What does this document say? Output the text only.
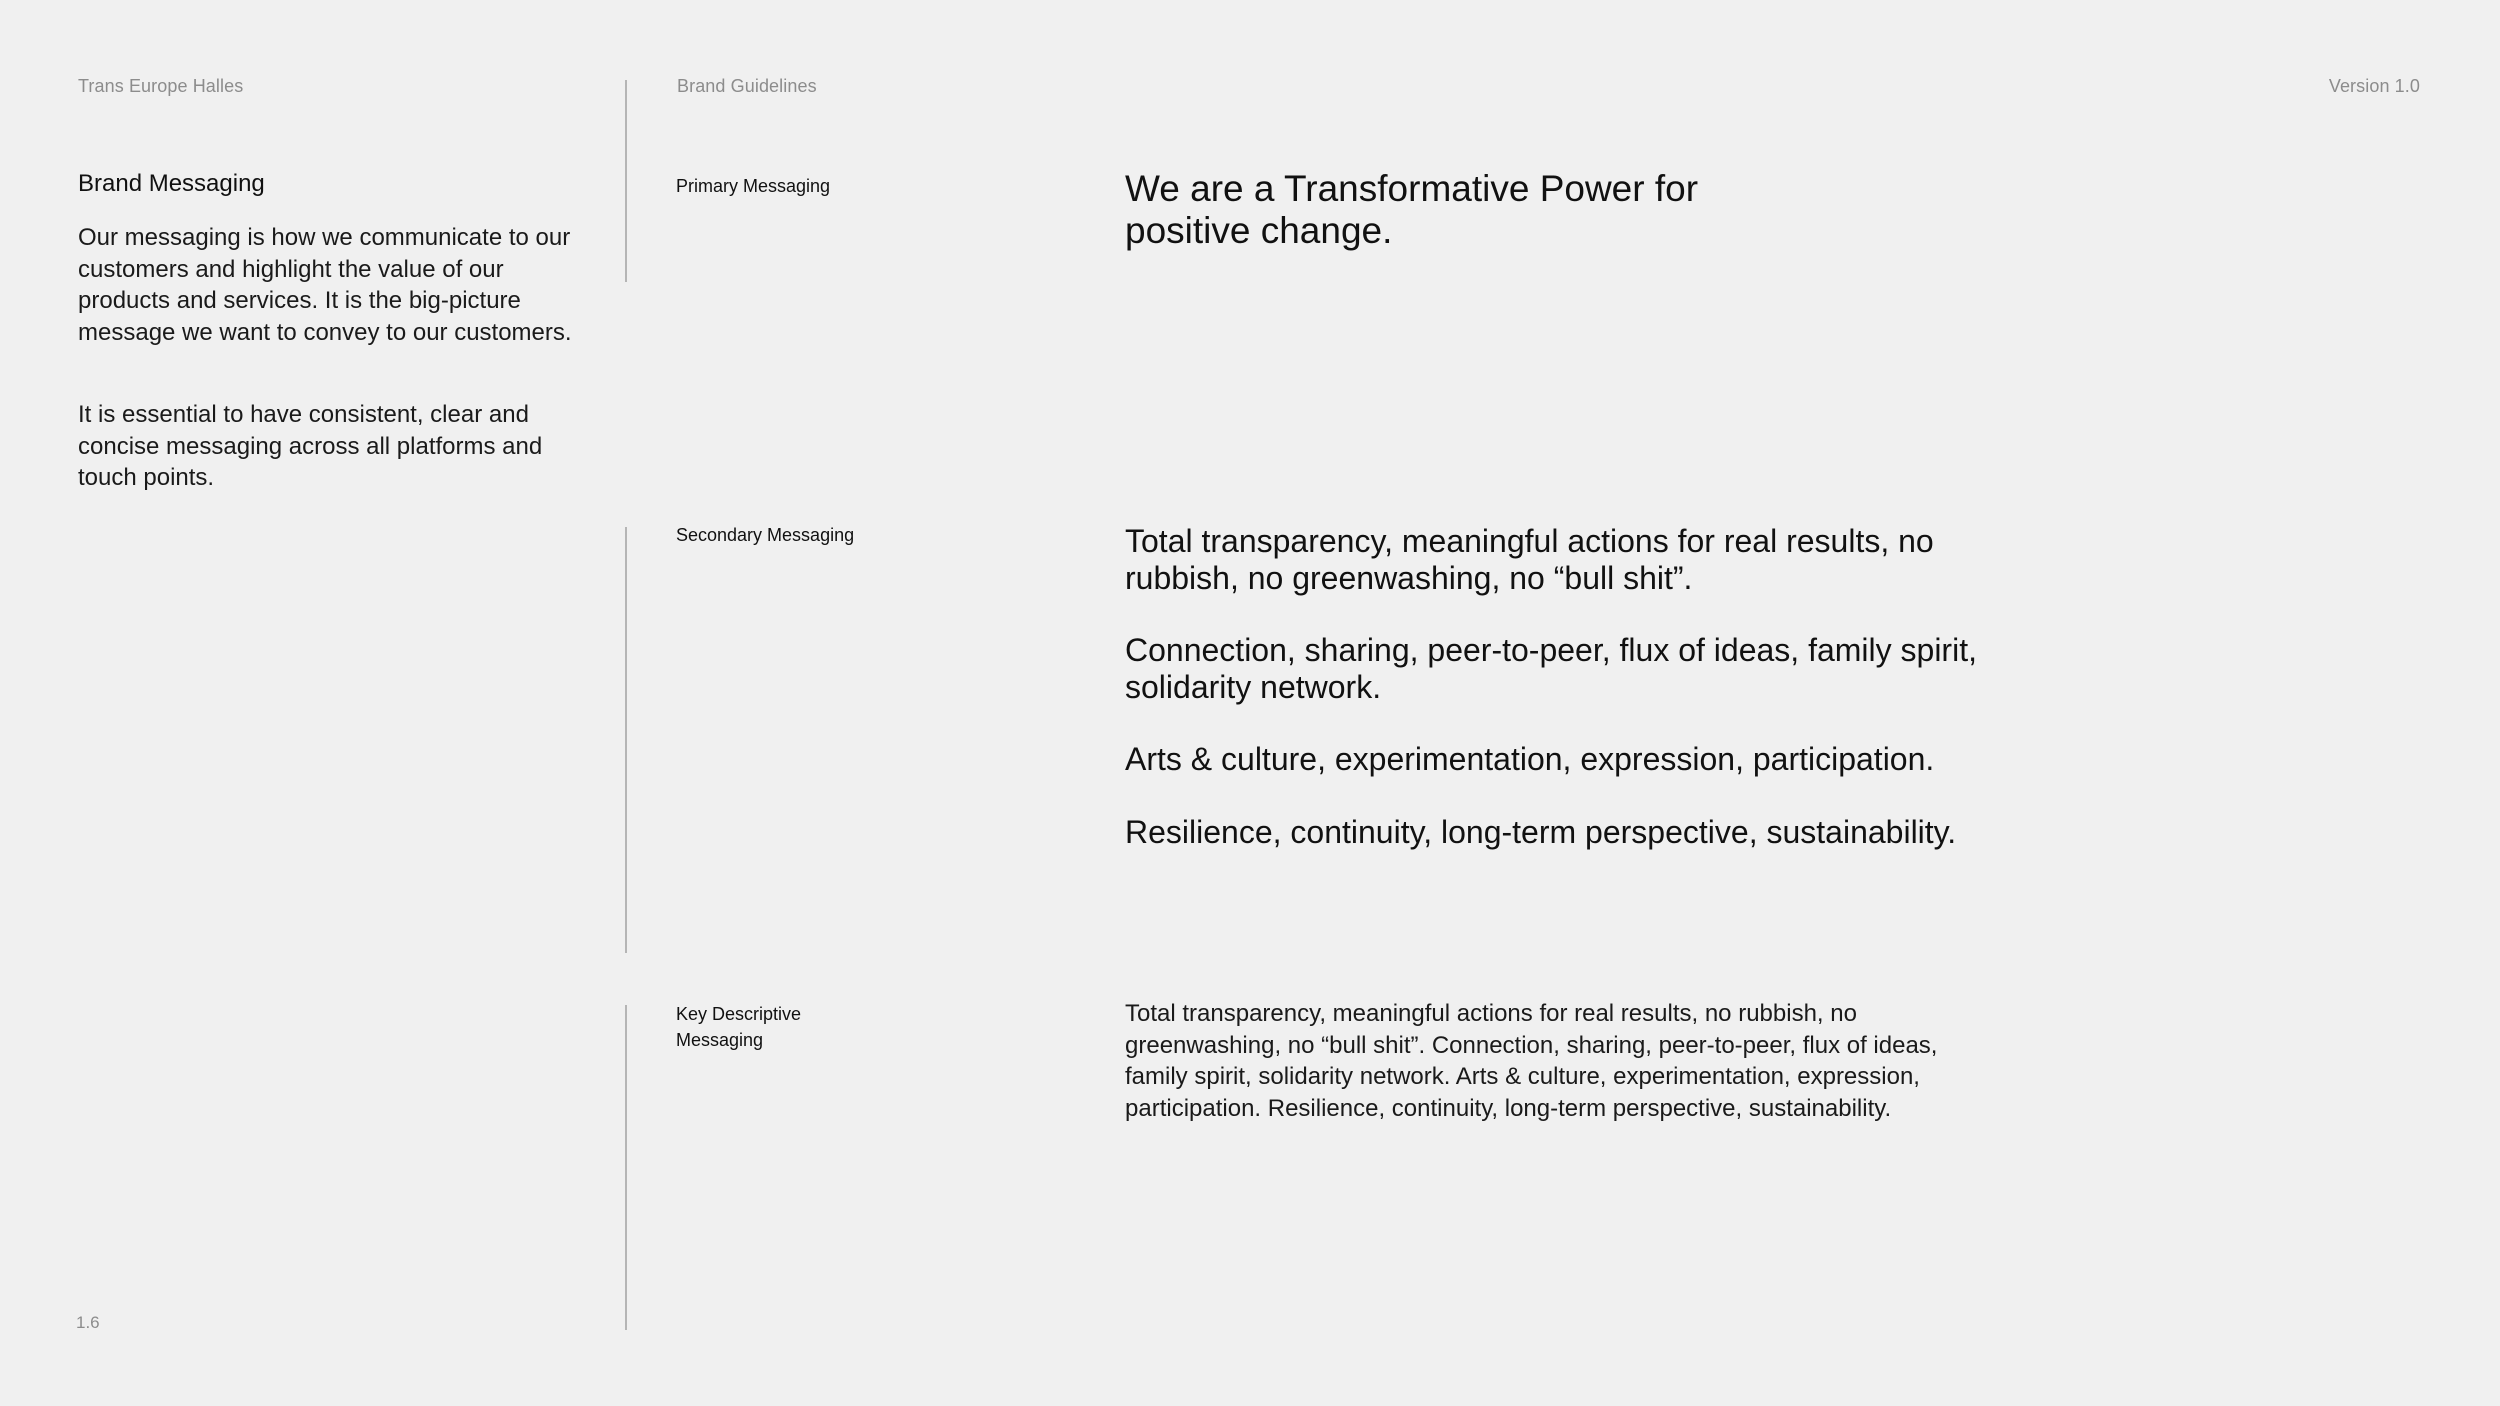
Trans Europe Halles	Brand Guidelines	Version 1.0
Brand Messaging
Our messaging is how we communicate to our customers and highlight the value of our products and services. It is the big-picture message we want to convey to our customers.
It is essential to have consistent, clear and concise messaging across all platforms and touch points.
Primary Messaging	We are a Transformative Power for positive change.
Secondary Messaging	Total transparency, meaningful actions for real results, no rubbish, no greenwashing, no “bull shit”.
Connection, sharing, peer-to-peer, flux of ideas, family spirit, solidarity network.
Arts & culture, experimentation, expression, participation.
Resilience, continuity, long-term perspective, sustainability.
Key Descriptive Messaging
Total transparency, meaningful actions for real results, no rubbish, no greenwashing, no “bull shit”. Connection, sharing, peer-to-peer, flux of ideas, family spirit, solidarity network. Arts & culture, experimentation, expression, participation. Resilience, continuity, long-term perspective, sustainability.
1.6
